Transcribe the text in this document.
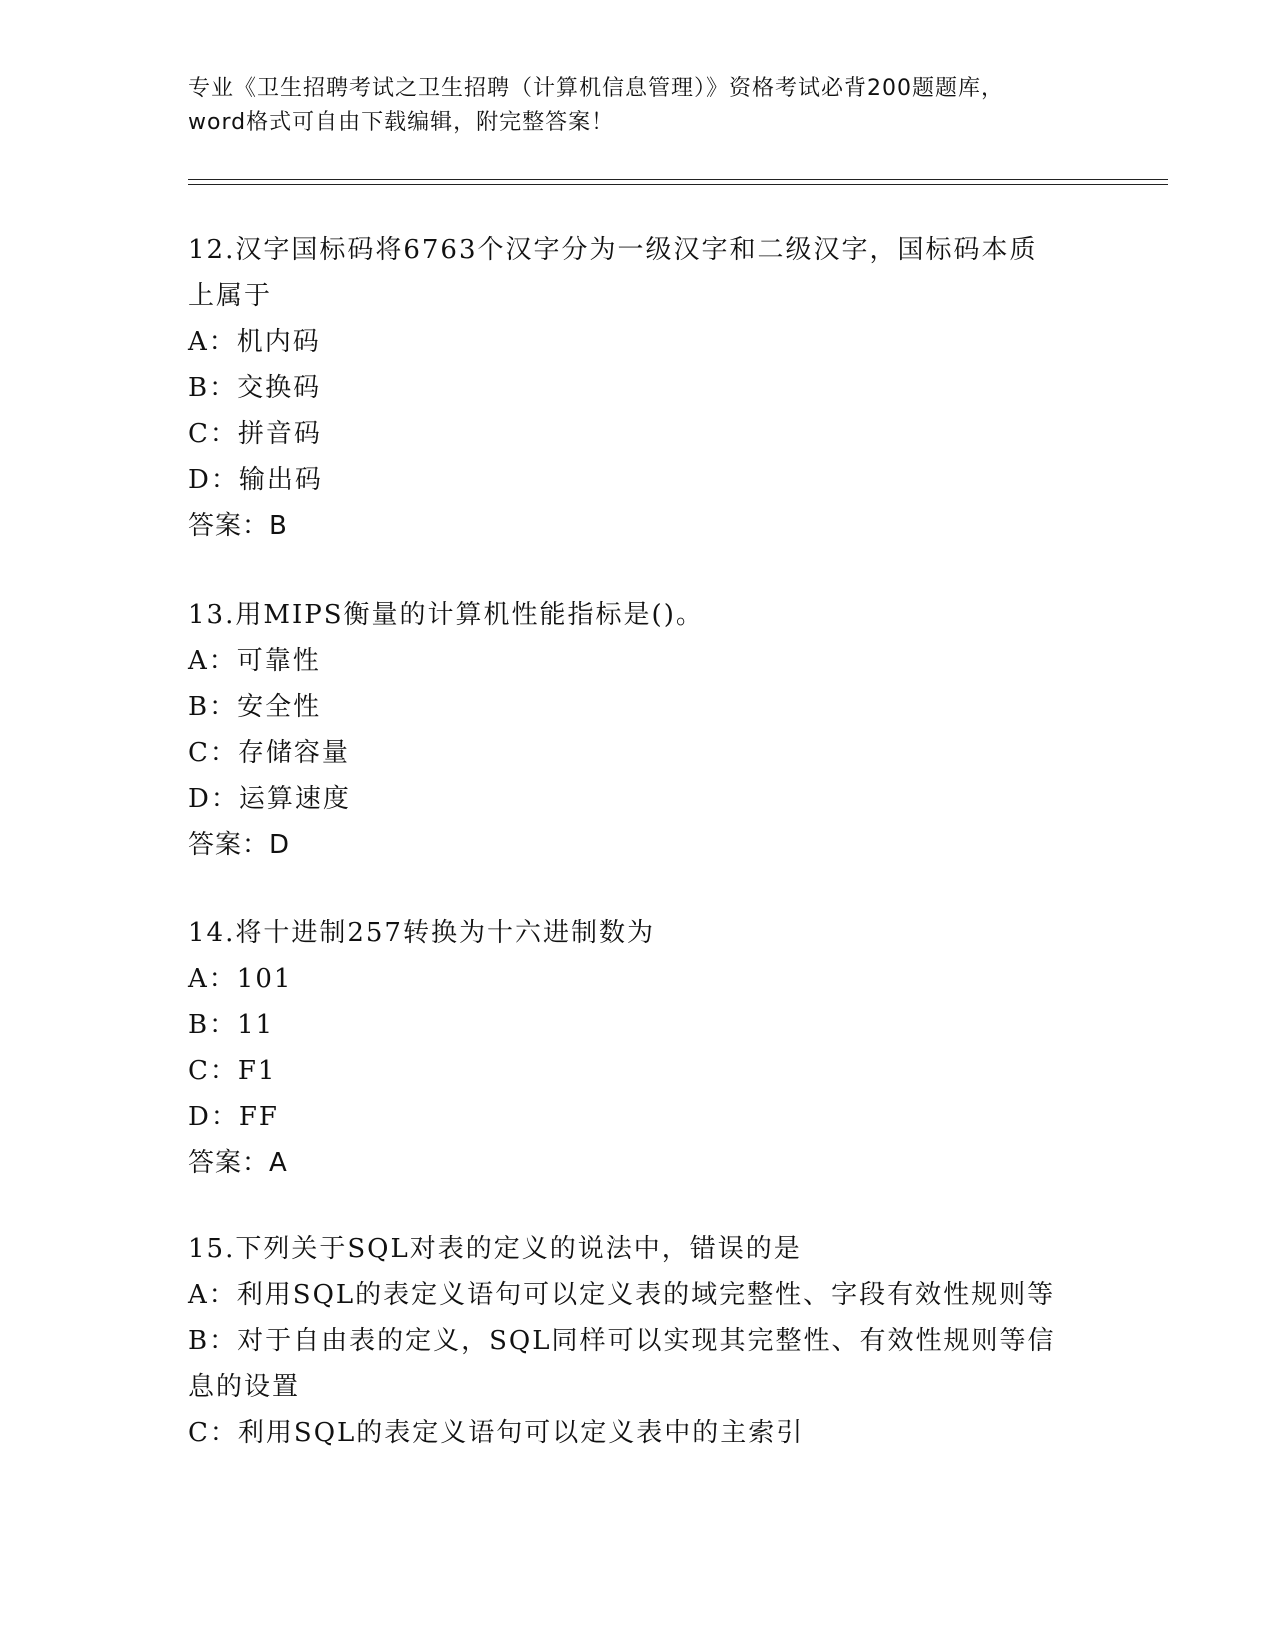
专业《卫生招聘考试之卫生招聘（计算机信息管理）》资格考试必背200题题库，
word格式可自由下载编辑，附完整答案！
12.汉字国标码将6763个汉字分为一级汉字和二级汉字，国标码本质
上属于
A：机内码
B：交换码
C：拼音码
D：输出码
答案：B
13.用MIPS衡量的计算机性能指标是()。
A：可靠性
B：安全性
C：存储容量
D：运算速度
答案：D
14.将十进制257转换为十六进制数为
A：101
B：11
C：F1
D：FF
答案：A
15.下列关于SQL对表的定义的说法中，错误的是
A：利用SQL的表定义语句可以定义表的域完整性、字段有效性规则等
B：对于自由表的定义，SQL同样可以实现其完整性、有效性规则等信
息的设置
C：利用SQL的表定义语句可以定义表中的主索引
